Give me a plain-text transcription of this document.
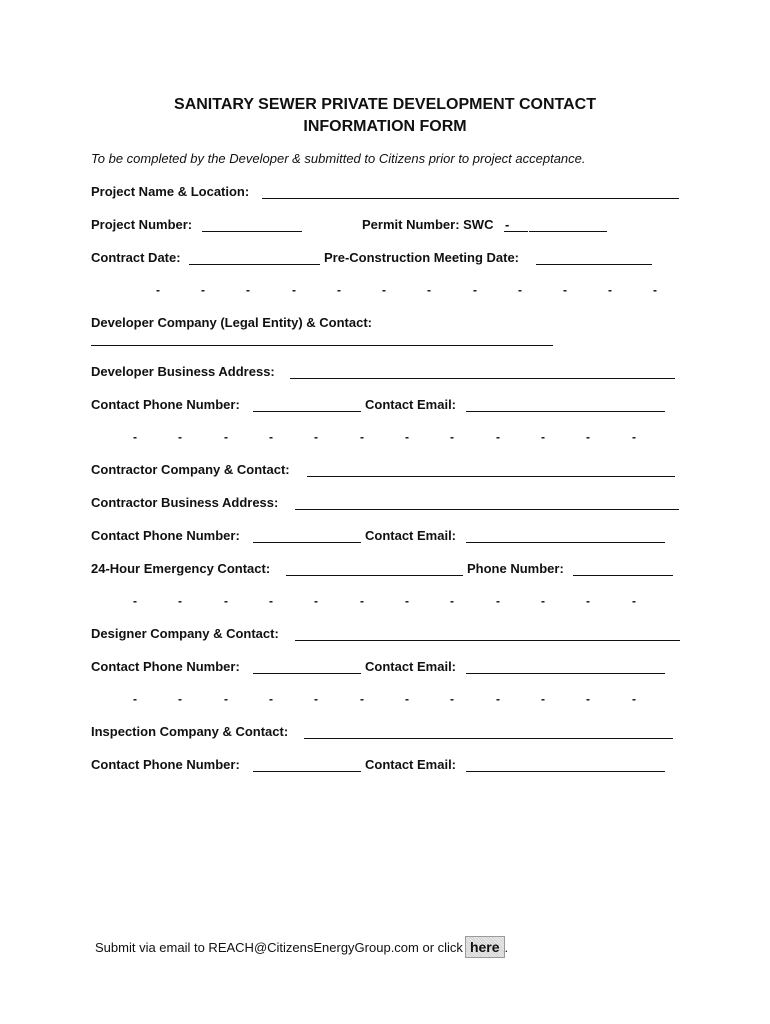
SANITARY SEWER PRIVATE DEVELOPMENT CONTACT
INFORMATION FORM
To be completed by the Developer & submitted to Citizens prior to project acceptance.
Project Name & Location:
Project Number:	Permit Number: SWC -
Contract Date:	Pre-Construction Meeting Date:
-	-	-	-	-	-	-	-	-	-	-	-
Developer Company (Legal Entity) & Contact:
Developer Business Address:
Contact Phone Number:	Contact Email:
-	-	-	-	-	-	-	-	-	-	-	-
Contractor Company & Contact:
Contractor Business Address:
Contact Phone Number:	Contact Email:
24-Hour Emergency Contact:	Phone Number:
-	-	-	-	-	-	-	-	-	-	-	-
Designer Company & Contact:
Contact Phone Number:	Contact Email:
-	-	-	-	-	-	-	-	-	-	-	-
Inspection Company & Contact:
Contact Phone Number:	Contact Email:
Submit via email to REACH@CitizensEnergyGroup.com or click here .
